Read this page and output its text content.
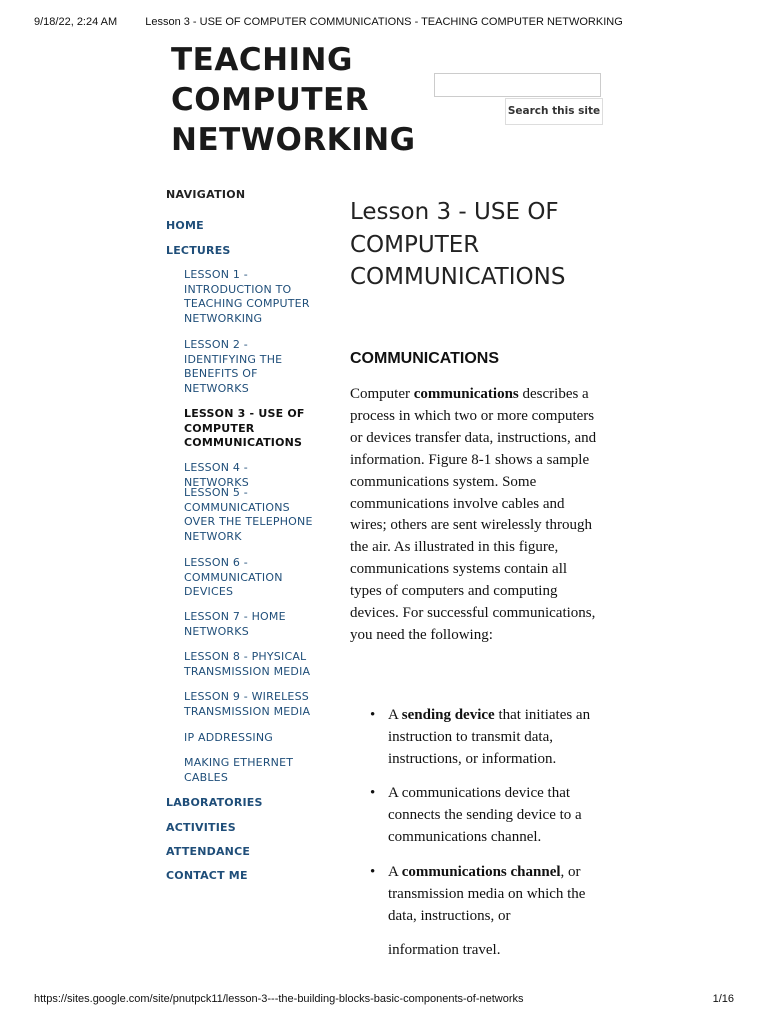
9/18/22, 2:24 AM	Lesson 3 - USE OF COMPUTER COMMUNICATIONS - TEACHING COMPUTER NETWORKING
TEACHING
COMPUTER
NETWORKING
Search this site
NAVIGATION
HOME
LECTURES
LESSON 1 -
INTRODUCTION TO
TEACHING COMPUTER
NETWORKING
LESSON 2 -
IDENTIFYING THE
BENEFITS OF
NETWORKS
LESSON 3 - USE OF
COMPUTER
COMMUNICATIONS
LESSON 4 - NETWORKS
LESSON 5 -
COMMUNICATIONS
OVER THE TELEPHONE
NETWORK
LESSON 6 -
COMMUNICATION
DEVICES
LESSON 7 - HOME
NETWORKS
LESSON 8 - PHYSICAL
TRANSMISSION MEDIA
LESSON 9 - WIRELESS
TRANSMISSION MEDIA
IP ADDRESSING
MAKING ETHERNET
CABLES
LABORATORIES
ACTIVITIES
ATTENDANCE
CONTACT ME
Lesson 3 - USE OF
COMPUTER
COMMUNICATIONS
COMMUNICATIONS

Computer communications describes a process in which two or more computers or devices transfer data, instructions, and information. Figure 8-1 shows a sample communications system. Some communications involve cables and wires; others are sent wirelessly through the air. As illustrated in this figure, communications systems contain all types of computers and computing devices. For successful communications, you need the following:

• A sending device that initiates an instruction to transmit data, instructions, or information.
• A communications device that connects the sending device to a communications channel.
• A communications channel, or transmission media on which the data, instructions, or
information travel.
https://sites.google.com/site/pnutpck11/lesson-3---the-building-blocks-basic-components-of-networks	1/16
